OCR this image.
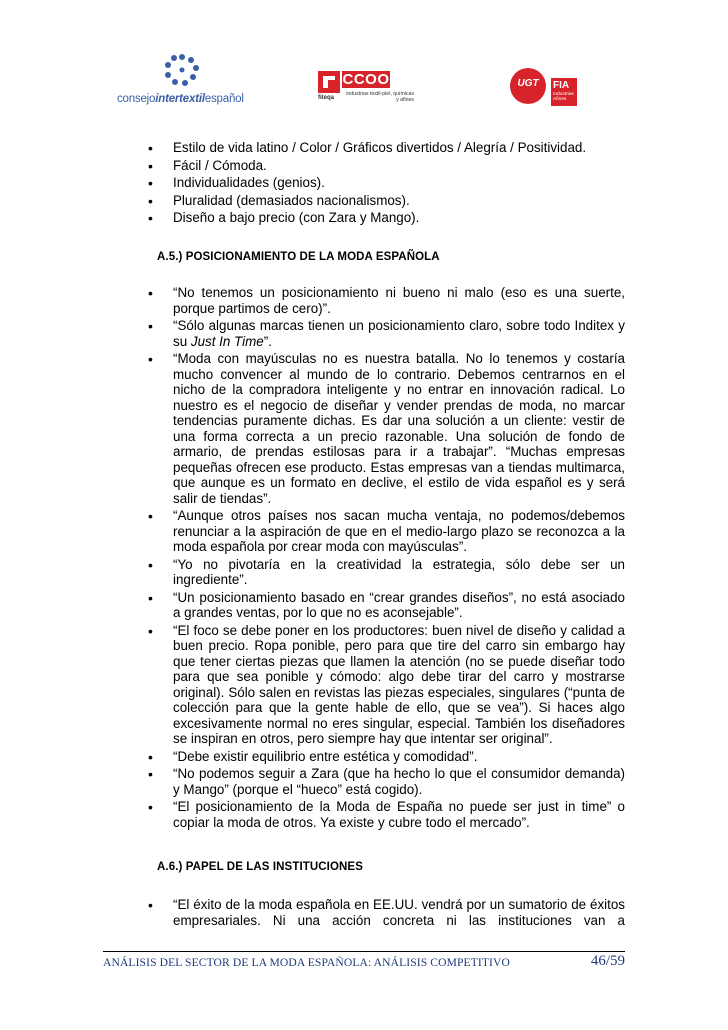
consejointertextilespañol	fiteqa
CCOO
industrias textil-piel, químicas y afines
UGT	FIA
Industrias Afines
• Estilo de vida latino / Color / Gráficos divertidos / Alegría / Positividad.
• Fácil / Cómoda.
• Individualidades (genios).
• Pluralidad (demasiados nacionalismos).
• Diseño a bajo precio (con Zara y Mango).
A.5.) POSICIONAMIENTO DE LA MODA ESPAÑOLA
• “No tenemos un posicionamiento ni bueno ni malo (eso es una suerte, porque partimos de cero)”.
• “Sólo algunas marcas tienen un posicionamiento claro, sobre todo Inditex y su Just In Time”.
• “Moda con mayúsculas no es nuestra batalla. No lo tenemos y costaría mucho convencer al mundo de lo contrario. Debemos centrarnos en el nicho de la compradora inteligente y no entrar en innovación radical. Lo nuestro es el negocio de diseñar y vender prendas de moda, no marcar tendencias puramente dichas. Es dar una solución a un cliente: vestir de una forma correcta a un precio razonable. Una solución de fondo de armario, de prendas estilosas para ir a trabajar”. “Muchas empresas pequeñas ofrecen ese producto. Estas empresas van a tiendas multimarca, que aunque es un formato en declive, el estilo de vida español es y será salir de tiendas”.
• “Aunque otros países nos sacan mucha ventaja, no podemos/debemos renunciar a la aspiración de que en el medio-largo plazo se reconozca a la moda española por crear moda con mayúsculas”.
• “Yo no pivotaría en la creatividad la estrategia, sólo debe ser un ingrediente”.
• “Un posicionamiento basado en “crear grandes diseños”, no está asociado a grandes ventas, por lo que no es aconsejable”.
• “El foco se debe poner en los productores: buen nivel de diseño y calidad a buen precio. Ropa ponible, pero para que tire del carro sin embargo hay que tener ciertas piezas que llamen la atención (no se puede diseñar todo para que sea ponible y cómodo: algo debe tirar del carro y mostrarse original). Sólo salen en revistas las piezas especiales, singulares (“punta de colección para que la gente hable de ello, que se vea”). Si haces algo excesivamente normal no eres singular, especial. También los diseñadores se inspiran en otros, pero siempre hay que intentar ser original”.
• “Debe existir equilibrio entre estética y comodidad”.
• “No podemos seguir a Zara (que ha hecho lo que el consumidor demanda) y Mango” (porque el “hueco” está cogido).
• “El posicionamiento de la Moda de España no puede ser just in time” o copiar la moda de otros. Ya existe y cubre todo el mercado”.
A.6.) PAPEL DE LAS INSTITUCIONES
• “El éxito de la moda española en EE.UU. vendrá por un sumatorio de éxitos empresariales. Ni una acción concreta ni las instituciones van a
ANÁLISIS DEL SECTOR DE LA MODA ESPAÑOLA: ANÁLISIS COMPETITIVO	46/59
